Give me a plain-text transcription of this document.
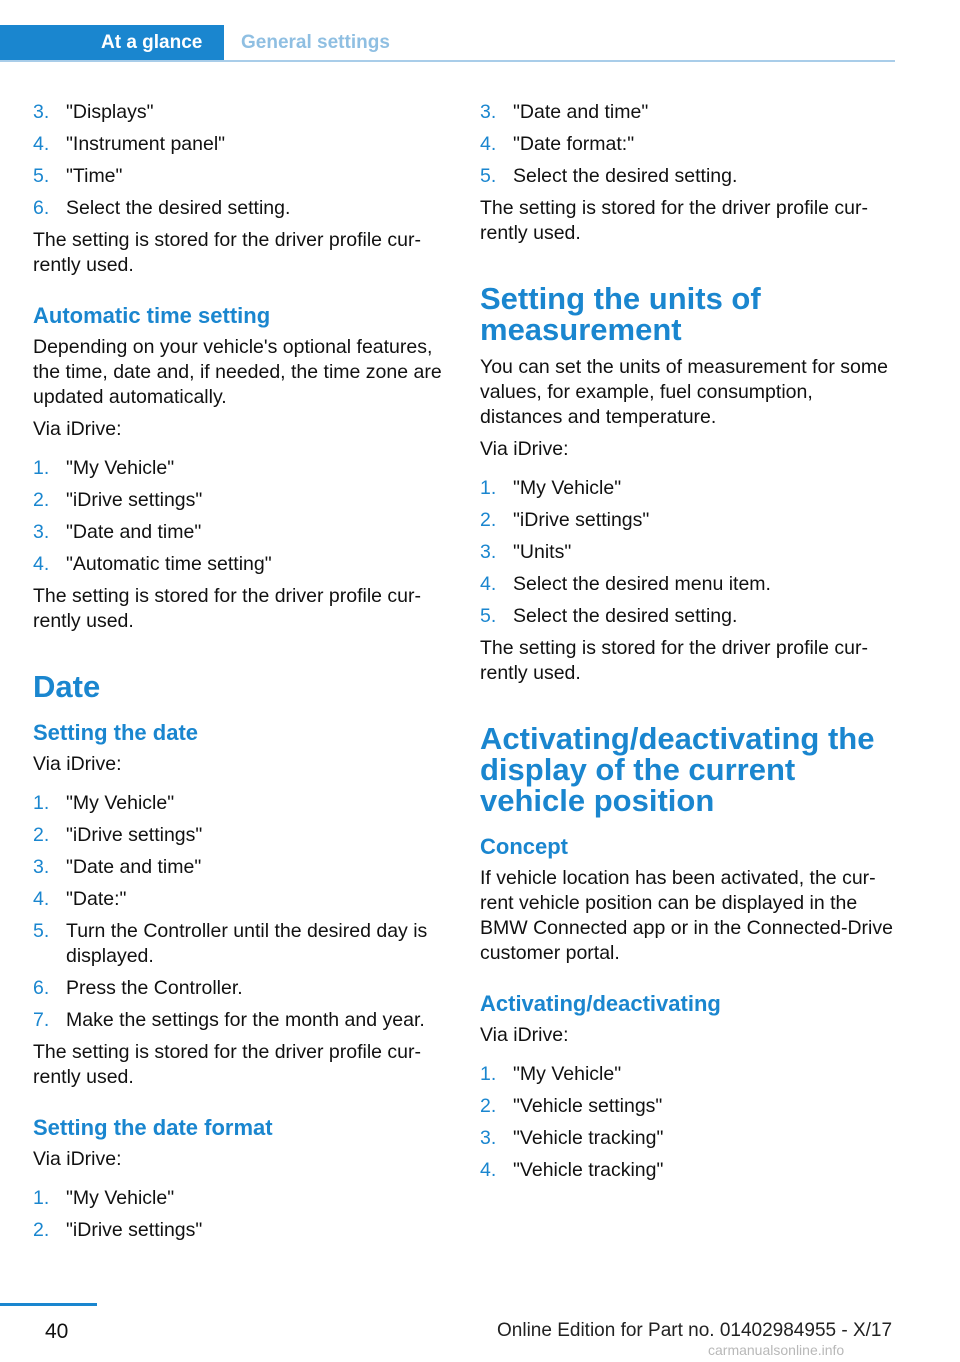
At a glance	General settings
3. "Displays"
4. "Instrument panel"
5. "Time"
6. Select the desired setting.

The setting is stored for the driver profile cur‐rently used.

Automatic time setting

Depending on your vehicle's optional features, the time, date and, if needed, the time zone are updated automatically.

Via iDrive:

1. "My Vehicle"
2. "iDrive settings"
3. "Date and time"
4. "Automatic time setting"

The setting is stored for the driver profile cur‐rently used.

Date
Setting the date

Via iDrive:

1. "My Vehicle"
2. "iDrive settings"
3. "Date and time"
4. "Date:"
5. Turn the Controller until the desired day is displayed.
6. Press the Controller.
7. Make the settings for the month and year.

The setting is stored for the driver profile cur‐rently used.

Setting the date format

Via iDrive:

1. "My Vehicle"
2. "iDrive settings"
3. "Date and time"
4. "Date format:"
5. Select the desired setting.

The setting is stored for the driver profile cur‐rently used.

Setting the units of measurement

You can set the units of measurement for some values, for example, fuel consumption, distances and temperature.

Via iDrive:

1. "My Vehicle"
2. "iDrive settings"
3. "Units"
4. Select the desired menu item.
5. Select the desired setting.

The setting is stored for the driver profile cur‐rently used.

Activating/deactivating the display of the current vehicle position
Concept

If vehicle location has been activated, the cur‐rent vehicle position can be displayed in the BMW Connected app or in the Connected‐Drive customer portal.

Activating/deactivating

Via iDrive:

1. "My Vehicle"
2. "Vehicle settings"
3. "Vehicle tracking"
4. "Vehicle tracking"
40	Online Edition for Part no. 01402984955 - X/17
carmanualsonline.info
